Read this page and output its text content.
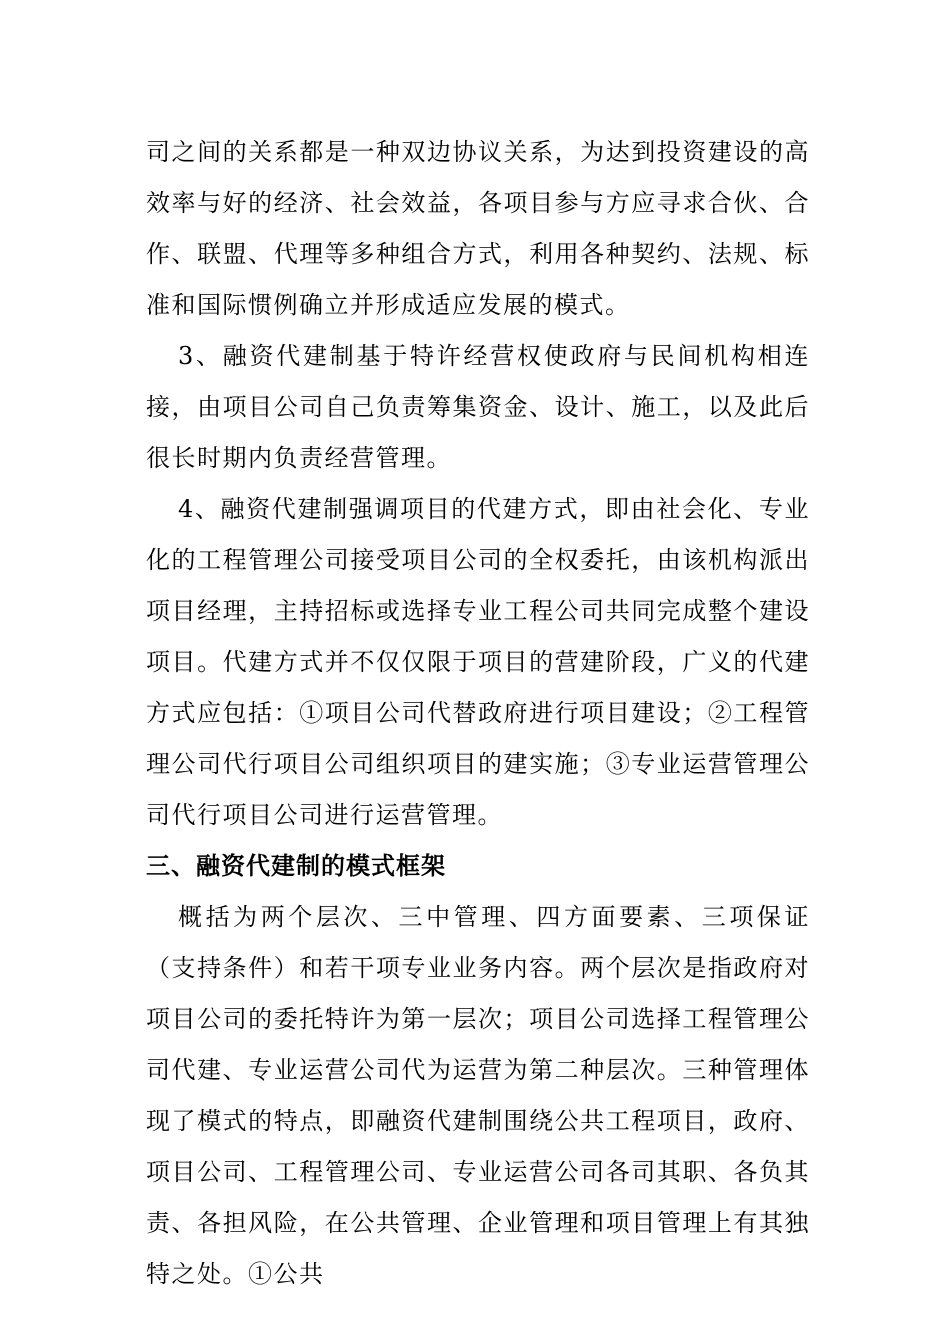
司之间的关系都是一种双边协议关系，为达到投资建设的高效率与好的经济、社会效益，各项目参与方应寻求合伙、合作、联盟、代理等多种组合方式，利用各种契约、法规、标准和国际惯例确立并形成适应发展的模式。

3、融资代建制基于特许经营权使政府与民间机构相连接，由项目公司自己负责筹集资金、设计、施工，以及此后很长时期内负责经营管理。

4、融资代建制强调项目的代建方式，即由社会化、专业化的工程管理公司接受项目公司的全权委托，由该机构派出项目经理，主持招标或选择专业工程公司共同完成整个建设项目。代建方式并不仅仅限于项目的营建阶段，广义的代建方式应包括：①项目公司代替政府进行项目建设；②工程管理公司代行项目公司组织项目的建实施；③专业运营管理公司代行项目公司进行运营管理。

三、融资代建制的模式框架

概括为两个层次、三中管理、四方面要素、三项保证（支持条件）和若干项专业业务内容。两个层次是指政府对项目公司的委托特许为第一层次；项目公司选择工程管理公司代建、专业运营公司代为运营为第二种层次。三种管理体现了模式的特点，即融资代建制围绕公共工程项目，政府、项目公司、工程管理公司、专业运营公司各司其职、各负其责、各担风险，在公共管理、企业管理和项目管理上有其独特之处。①公共
